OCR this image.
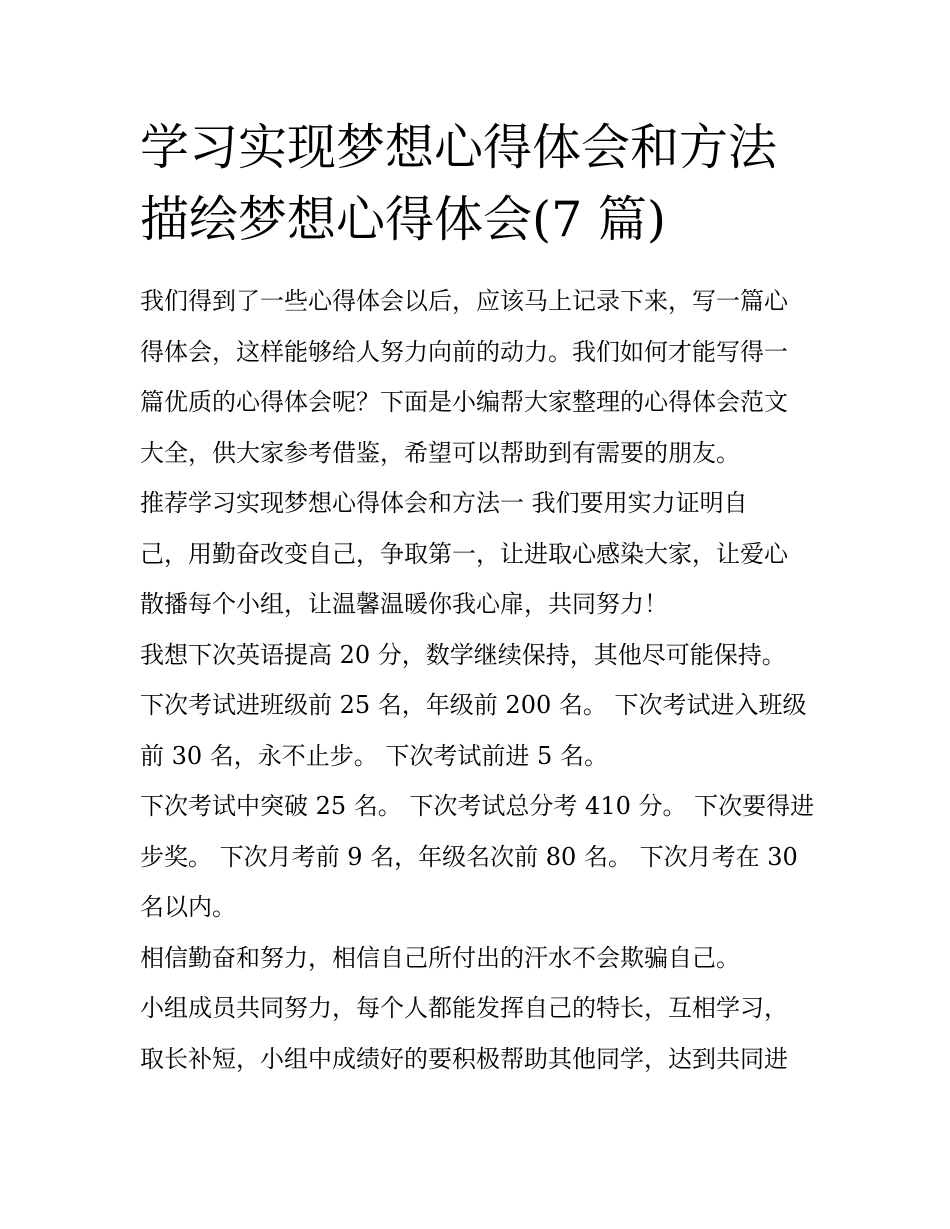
学习实现梦想心得体会和方法
描绘梦想心得体会(7 篇)
我们得到了一些心得体会以后，应该马上记录下来，写一篇心
得体会，这样能够给人努力向前的动力。我们如何才能写得一
篇优质的心得体会呢？下面是小编帮大家整理的心得体会范文
大全，供大家参考借鉴，希望可以帮助到有需要的朋友。
推荐学习实现梦想心得体会和方法一 我们要用实力证明自
己，用勤奋改变自己，争取第一，让进取心感染大家，让爱心
散播每个小组，让温馨温暖你我心扉，共同努力！
我想下次英语提高 20 分，数学继续保持，其他尽可能保持。
下次考试进班级前 25 名，年级前 200 名。 下次考试进入班级
前 30 名，永不止步。 下次考试前进 5 名。
下次考试中突破 25 名。 下次考试总分考 410 分。 下次要得进
步奖。 下次月考前 9 名，年级名次前 80 名。 下次月考在 30
名以内。
相信勤奋和努力，相信自己所付出的汗水不会欺骗自己。
小组成员共同努力，每个人都能发挥自己的特长，互相学习，
取长补短，小组中成绩好的要积极帮助其他同学，达到共同进
